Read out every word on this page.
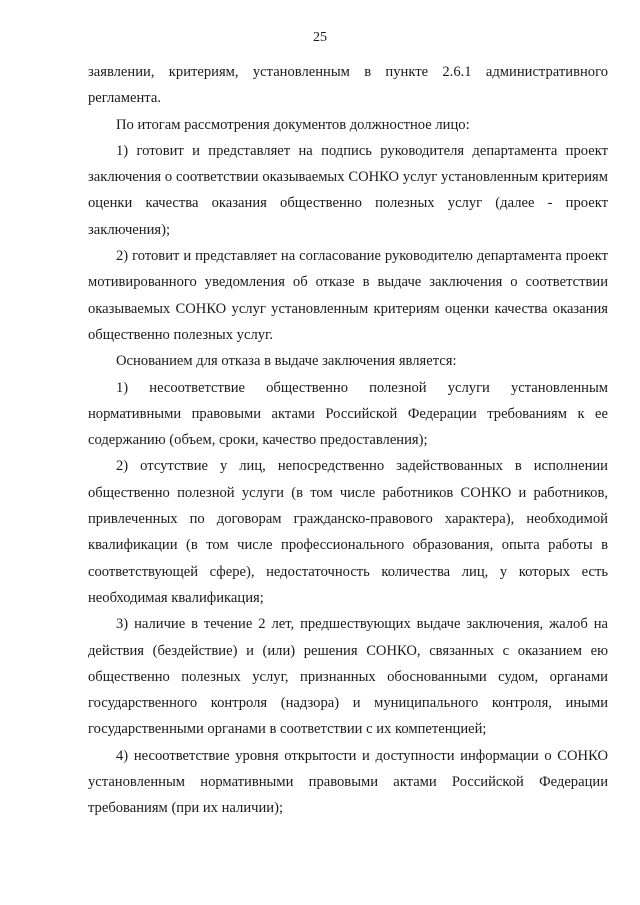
25

заявлении, критериям, установленным в пункте 2.6.1 административного регламента.

По итогам рассмотрения документов должностное лицо:

1) готовит и представляет на подпись руководителя департамента проект заключения о соответствии оказываемых СОНКО услуг установленным критериям оценки качества оказания общественно полезных услуг (далее - проект заключения);

2) готовит и представляет на согласование руководителю департамента проект мотивированного уведомления об отказе в выдаче заключения о соответствии оказываемых СОНКО услуг установленным критериям оценки качества оказания общественно полезных услуг.

Основанием для отказа в выдаче заключения является:

1) несоответствие общественно полезной услуги установленным нормативными правовыми актами Российской Федерации требованиям к ее содержанию (объем, сроки, качество предоставления);

2) отсутствие у лиц, непосредственно задействованных в исполнении общественно полезной услуги (в том числе работников СОНКО и работников, привлеченных по договорам гражданско-правового характера), необходимой квалификации (в том числе профессионального образования, опыта работы в соответствующей сфере), недостаточность количества лиц, у которых есть необходимая квалификация;

3) наличие в течение 2 лет, предшествующих выдаче заключения, жалоб на действия (бездействие) и (или) решения СОНКО, связанных с оказанием ею общественно полезных услуг, признанных обоснованными судом, органами государственного контроля (надзора) и муниципального контроля, иными государственными органами в соответствии с их компетенцией;

4) несоответствие уровня открытости и доступности информации о СОНКО установленным нормативными правовыми актами Российской Федерации требованиям (при их наличии);
